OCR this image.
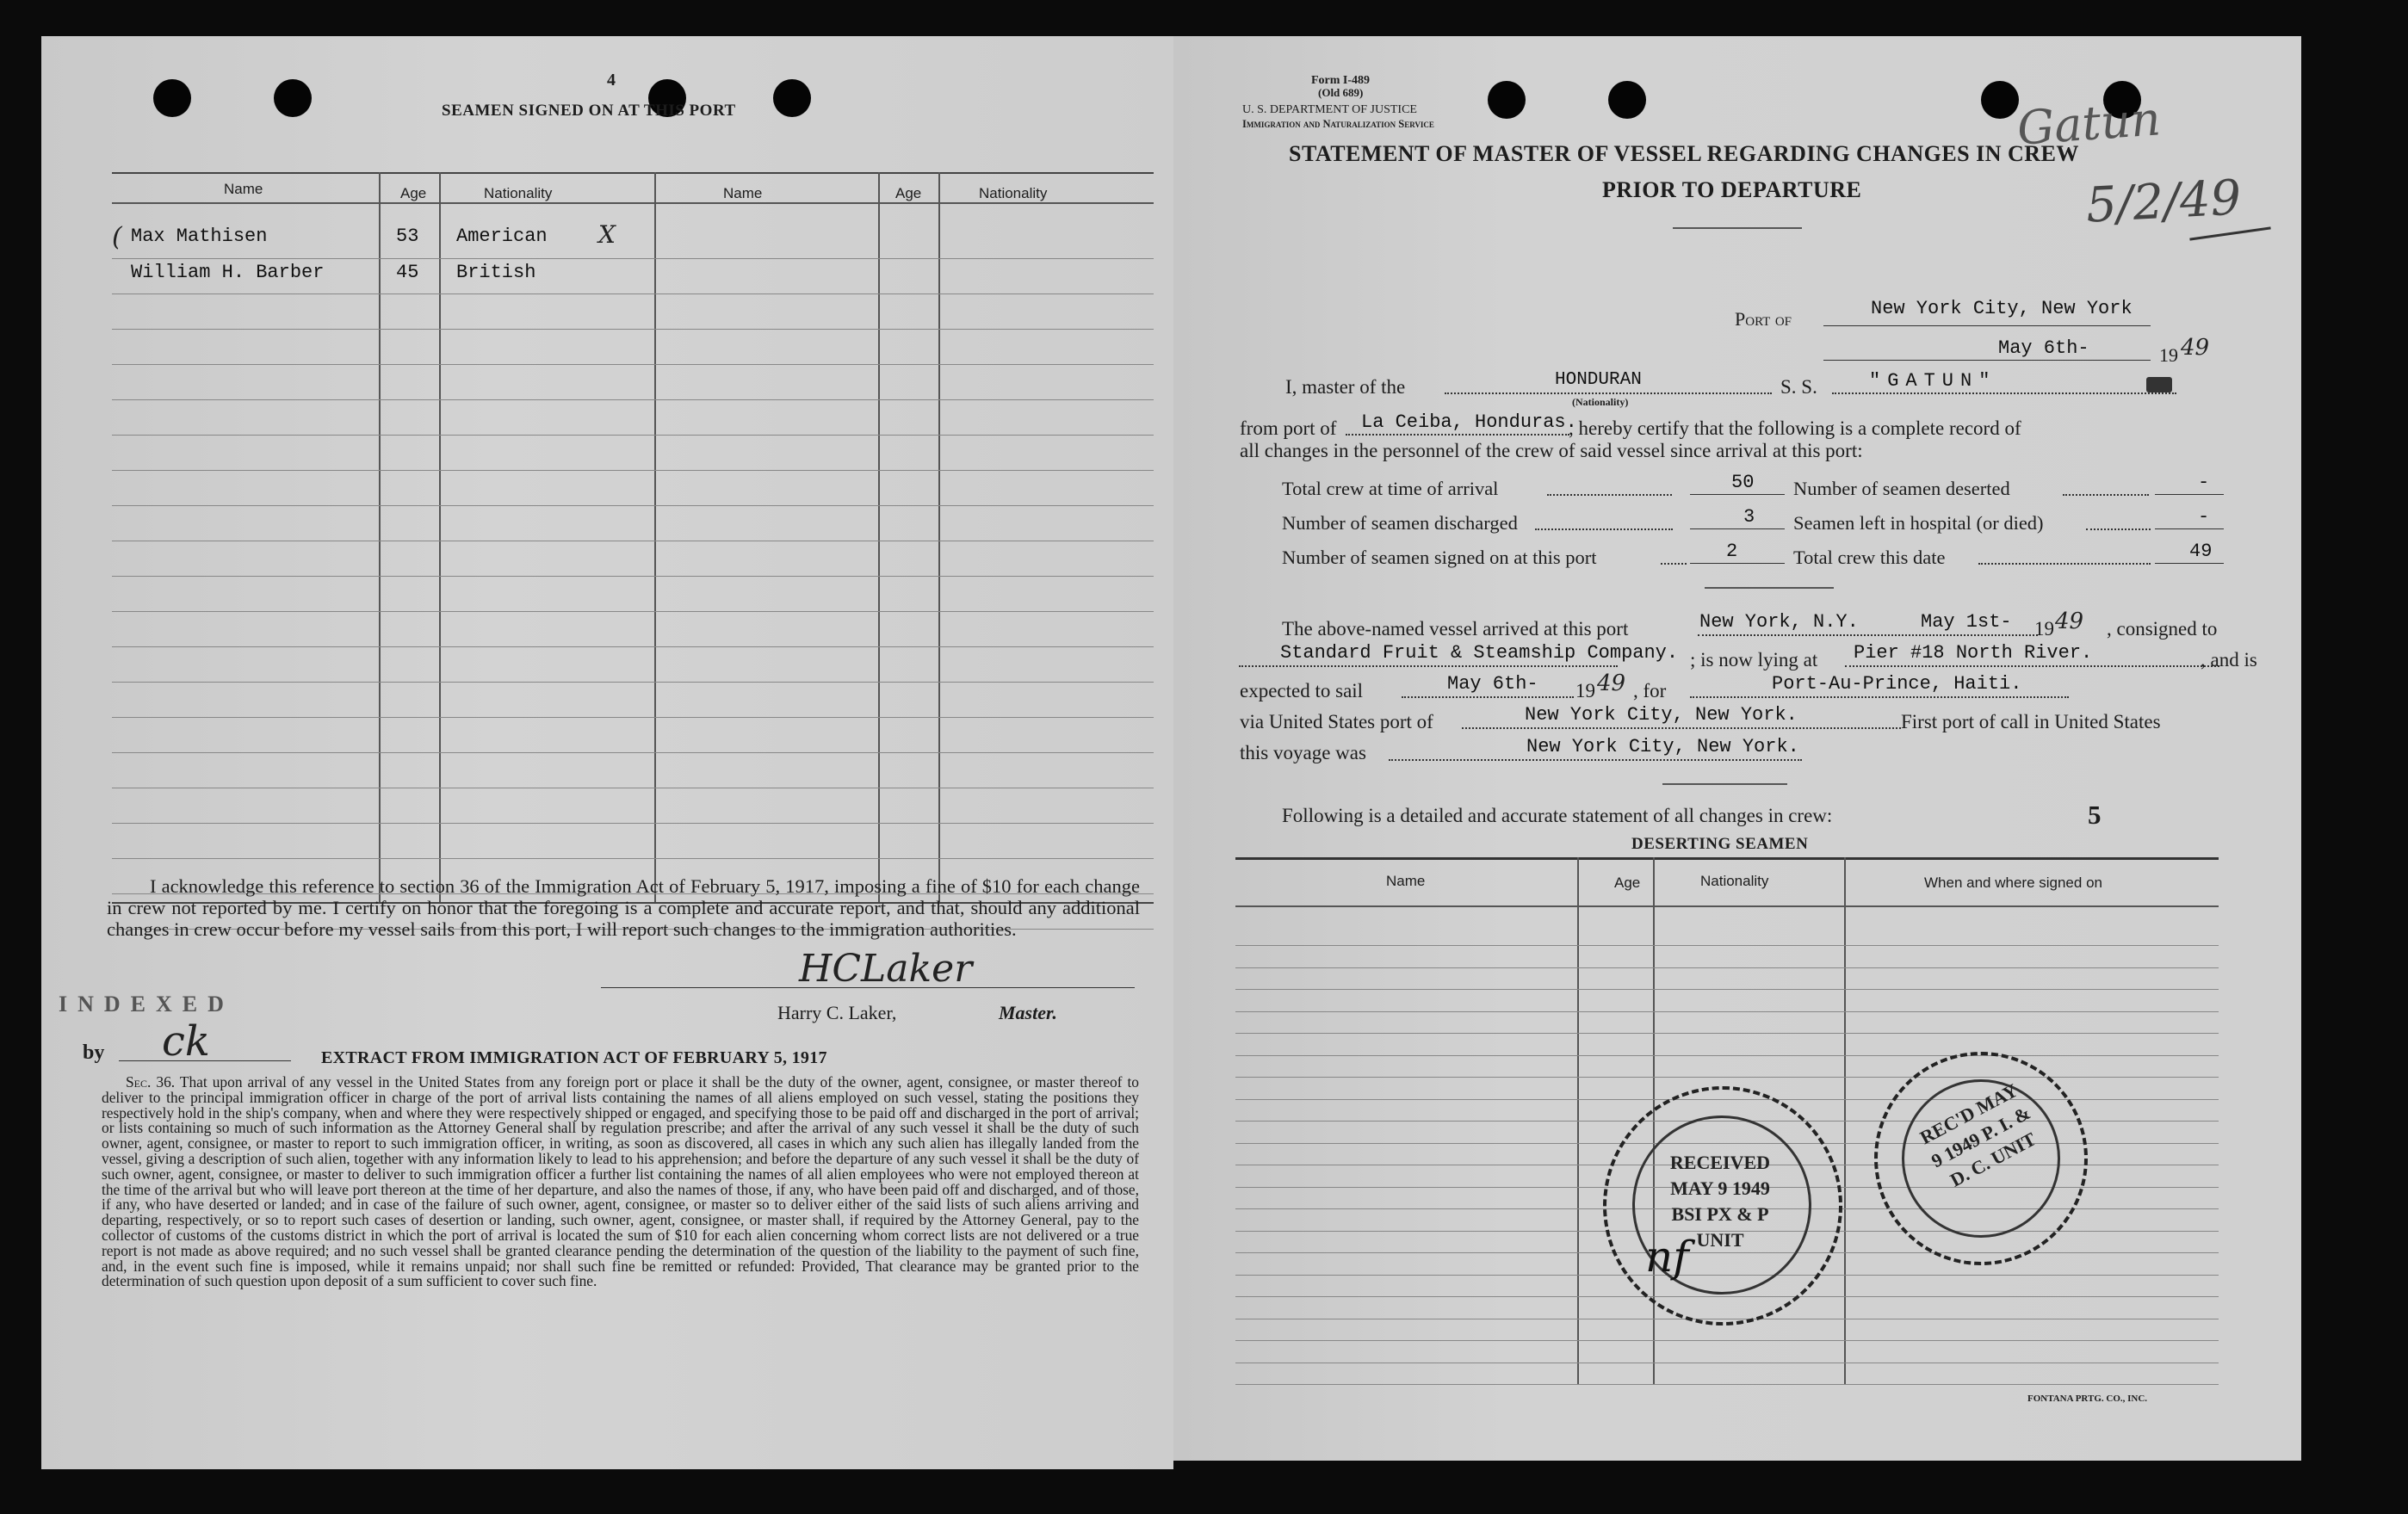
4
SEAMEN SIGNED ON AT THIS PORT
Name	Age	Nationality	Name	Age	Nationality
Max Mathisen	53 American
William H. Barber	45 British
(	X
I acknowledge this reference to section 36 of the Immigration Act of February 5, 1917, imposing a fine of $10 for each change in crew not reported by me. I certify on honor that the foregoing is a complete and accurate report, and that, should any additional changes in crew occur before my vessel sails from this port, I will report such changes to the immigration authorities.
HCLaker
Harry C. Laker,	Master.
INDEXED
by ck	EXTRACT FROM IMMIGRATION ACT OF FEBRUARY 5, 1917
Sec. 36. That upon arrival of any vessel in the United States from any foreign port or place it shall be the duty of the owner, agent, consignee, or master thereof to deliver to the principal immigration officer in charge of the port of arrival lists containing the names of all aliens employed on such vessel, stating the positions they respectively hold in the ship's company, when and where they were respectively shipped or engaged, and specifying those to be paid off and discharged in the port of arrival; or lists containing so much of such information as the Attorney General shall by regulation prescribe; and after the arrival of any such vessel it shall be the duty of such owner, agent, consignee, or master to report to such immigration officer, in writing, as soon as discovered, all cases in which any such alien has illegally landed from the vessel, giving a description of such alien, together with any information likely to lead to his apprehension; and before the departure of any such vessel it shall be the duty of such owner, agent, consignee, or master to deliver to such immigration officer a further list containing the names of all alien employees who were not employed thereon at the time of the arrival but who will leave port thereon at the time of her departure, and also the names of those, if any, who have been paid off and discharged, and of those, if any, who have deserted or landed; and in case of the failure of such owner, agent, consignee, or master so to deliver either of the said lists of such aliens arriving and departing, respectively, or so to report such cases of desertion or landing, such owner, agent, consignee, or master shall, if required by the Attorney General, pay to the collector of customs of the customs district in which the port of arrival is located the sum of $10 for each alien concerning whom correct lists are not delivered or a true report is not made as above required; and no such vessel shall be granted clearance pending the determination of the question of the liability to the payment of such fine, and, in the event such fine is imposed, while it remains unpaid; nor shall such fine be remitted or refunded: Provided, That clearance may be granted prior to the determination of such question upon deposit of a sum sufficient to cover such fine.
Form I-489
(Old 689)
U. S. DEPARTMENT OF JUSTICE
Immigration and Naturalization Service
STATEMENT OF MASTER OF VESSEL REGARDING CHANGES IN CREW
PRIOR TO DEPARTURE
Gatun
5/2/49
Port of	New York City, New York
May 6th-	19 49
I, master of the	HONDURAN
(Nationality)
S. S.	"GATUN"
from port of La Ceiba, Honduras.
, hereby certify that the following is a complete record of
all changes in the personnel of the crew of said vessel since arrival at this port:
Total crew at time of arrival	50
Number of seamen discharged	3
Number of seamen signed on at this port	2
Number of seamen deserted	-
Seamen left in hospital (or died)	-
Total crew this date	49
The above-named vessel arrived at this port	New York, N.Y.	May 1st- 19 49 , consigned to
Standard Fruit & Steamship Company. ; is now lying at Pier #18 North River.	, and is
expected to sail	May 6th- 19 49 , for	Port-Au-Prince, Haiti.
via United States port of	New York City, New York.	First port of call in United States
this voyage was	New York City, New York.
Following is a detailed and accurate statement of all changes in crew:	5
DESERTING SEAMEN
Name	Age	Nationality	When and where signed on
FONTANA PRTG. CO., INC.
RECEIVED MAY 9 1949 BSI PX & P UNIT
nf
REC'D MAY 9 1949 P. I. & D. C. UNIT
